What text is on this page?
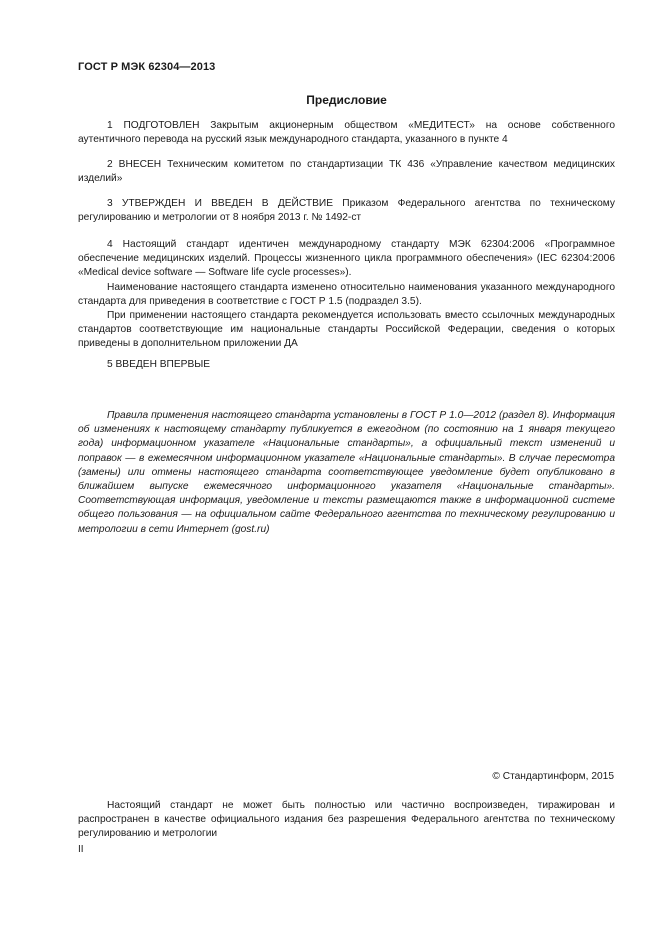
ГОСТ Р МЭК 62304—2013
Предисловие

1 ПОДГОТОВЛЕН Закрытым акционерным обществом «МЕДИТЕСТ» на основе собственного аутентичного перевода на русский язык международного стандарта, указанного в пункте 4

2 ВНЕСЕН Техническим комитетом по стандартизации ТК 436 «Управление качеством медицинских изделий»

3 УТВЕРЖДЕН И ВВЕДЕН В ДЕЙСТВИЕ Приказом Федерального агентства по техническому регулированию и метрологии от 8 ноября 2013 г. № 1492-ст

4 Настоящий стандарт идентичен международному стандарту МЭК 62304:2006 «Программное обеспечение медицинских изделий. Процессы жизненного цикла программного обеспечения» (IEC 62304:2006 «Medical device software — Software life cycle processes»).

Наименование настоящего стандарта изменено относительно наименования указанного международного стандарта для приведения в соответствие с ГОСТ Р 1.5 (подраздел 3.5).

При применении настоящего стандарта рекомендуется использовать вместо ссылочных международных стандартов соответствующие им национальные стандарты Российской Федерации, сведения о которых приведены в дополнительном приложении ДА

5 ВВЕДЕН ВПЕРВЫЕ

Правила применения настоящего стандарта установлены в ГОСТ Р 1.0—2012 (раздел 8). Информация об изменениях к настоящему стандарту публикуется в ежегодном (по состоянию на 1 января текущего года) информационном указателе «Национальные стандарты», а официальный текст изменений и поправок — в ежемесячном информационном указателе «Национальные стандарты». В случае пересмотра (замены) или отмены настоящего стандарта соответствующее уведомление будет опубликовано в ближайшем выпуске ежемесячного информационного указателя «Национальные стандарты». Соответствующая информация, уведомление и тексты размещаются также в информационной системе общего пользования — на официальном сайте Федерального агентства по техническому регулированию и метрологии в сети Интернет (gost.ru)

© Стандартинформ, 2015

Настоящий стандарт не может быть полностью или частично воспроизведен, тиражирован и распространен в качестве официального издания без разрешения Федерального агентства по техническому регулированию и метрологии

II
